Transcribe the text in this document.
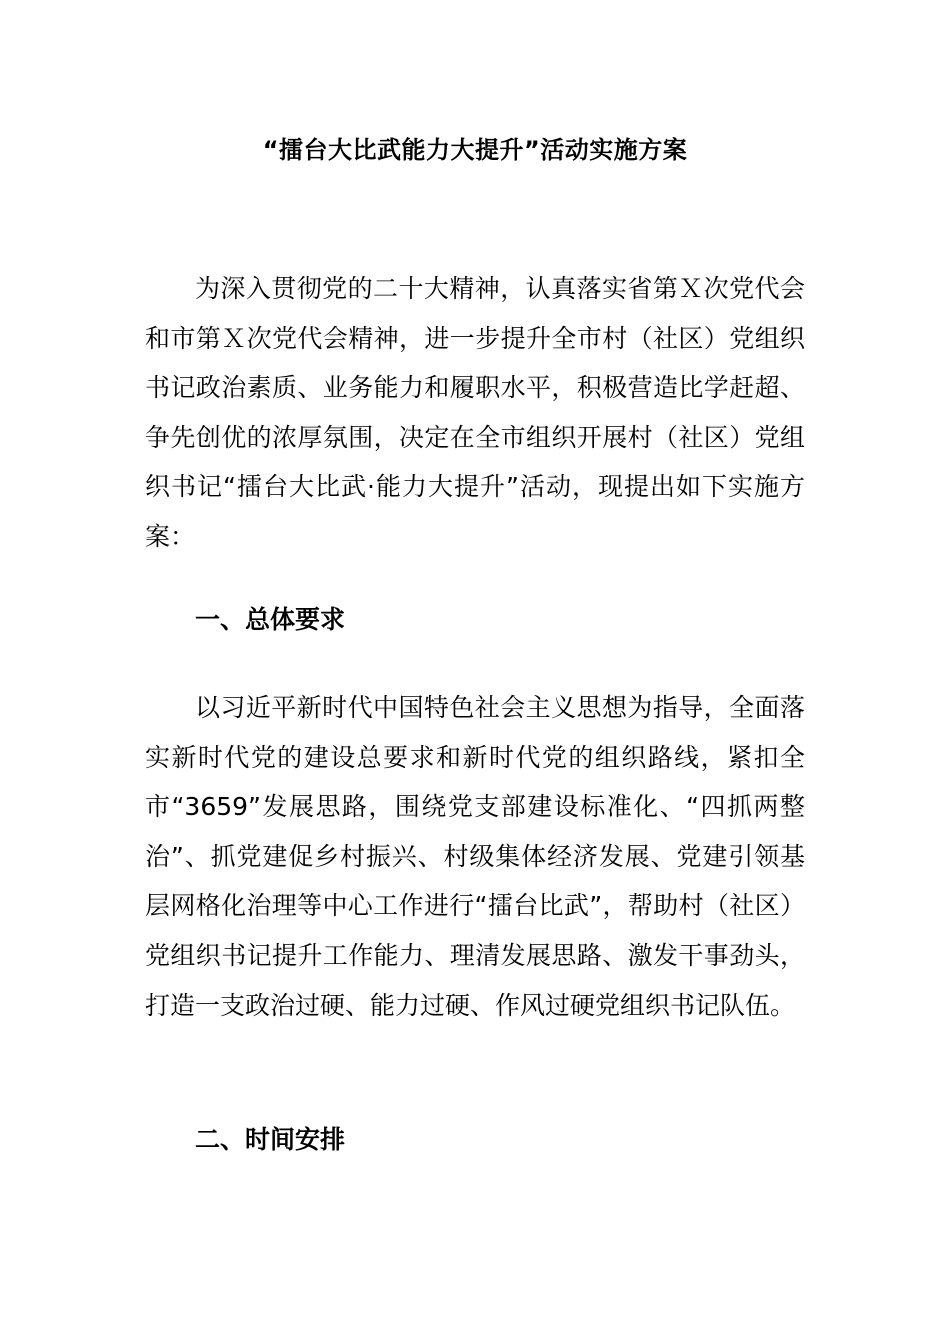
“擂台大比武能力大提升”活动实施方案

为深入贯彻党的二十大精神，认真落实省第Ｘ次党代会和市第Ｘ次党代会精神，进一步提升全市村（社区）党组织书记政治素质、业务能力和履职水平，积极营造比学赶超、争先创优的浓厚氛围，决定在全市组织开展村（社区）党组织书记“擂台大比武·能力大提升”活动，现提出如下实施方案：

一、总体要求

以习近平新时代中国特色社会主义思想为指导，全面落实新时代党的建设总要求和新时代党的组织路线，紧扣全市“3659”发展思路，围绕党支部建设标准化、“四抓两整治”、抓党建促乡村振兴、村级集体经济发展、党建引领基层网格化治理等中心工作进行“擂台比武”，帮助村（社区）党组织书记提升工作能力、理清发展思路、激发干事劲头，打造一支政治过硬、能力过硬、作风过硬党组织书记队伍。

二、时间安排
